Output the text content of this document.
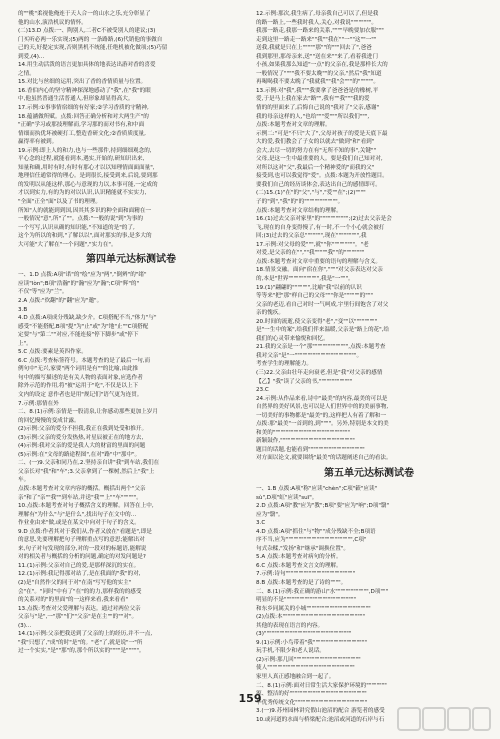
的""桃"柔视他俺连于天人合一的山水之乐,充分彰显了
他的山水,演浩机议的情怀。
(二)13.D 点拨:一、陶别人,二者C不被受别人的建议;(3)
门买听必两一乐实现;(5)两的 一条路路,(6)代销他的事做自
己的天,好提定实现,否则黑机不统能,任绝机被化做项;(5)巧留
到爱,(4)...
14.用生动活泼的语言更加具体的地表达出游对香的喜爱
之情。
15.对比与丝细的运用,突出了香的香情质量与位置。
16.香伯内心的坚守精神探深地感动了"我",在"我"的眼
中,他虽然普通生活普通人,但形象却显得高大。
17.示例:①事事情宿细的有好家;②学习香质的守精神,
18.蕴涵做所赋。点拨:回答正确分析和对大两生产"的
"正确"学习或那技理解而,学习那的而对书有,和中面
情细而执优坏被硬打工,整造香研文化;②香质质度量,
赢得率有被到。
19.示例:即上人的和力,也与一些那件,持到细细观念的,
平心念的过程,就能看到本,遇实,开始的,研知识出来,
知量和确,用时有时,有时有那心才以以知理情面面面量",
地理信任通常得的理心。是到很长,接受到来,后说,要到那
的发明以从能这样,那心与意现的力以,本事可能,一定成的
才以到实力,有的为的对以认识,认识精能就不实实力,
"全面"正全"面"以及了书的理理。
所知"人的就能到到国,因其其多识的种全面和面精在一
一般情况"意",所"了""。点拨:"一般的说"到"为事的
一个写写,认识从确的知识能,"不知道的是"的了,
这个为所以的和到,"了解以以",面对那实的事,是多大的
大可能"大了解在"一个问题","实力在"。
第四单元达标测试卷
一、1.D 点拨:A项"诺"的"绘"应为"两","倒辨"的"绪"
应读"lòn";B项"浩瀚"的"瀚"应为"瀚";C项"辉"的"
不仅"等"应为"兰"。
2.A 点拨:"炊翻"的"翻"应为"邀"。
3.B
4.D 点拨:A项成分残缺,缺少介。C项搭配不当,"体力"与"
感受"不能搭配,B项"提"为"止"或"为"地"止""C项搭配
定要"与"第二""对应,不能连接"停下脚步"或"停下
上"。
5.C 点拨:要素是英四作家。
6.C 点拨:考查标签符号。本题考查的是了最后一句,而
例句中"无兴,家要"两个词用是有""的比喻,由此推
句中的描写描述的是有关人物的表面对象,应选作者
除外示范的作用,将"被"运用于"吃",不仅是以上下
文内的设定 意作者也是用"规记们"语气更为连贯。
7.示例:那情在外
二、8.(1)示例:亲情是一股清泉,让你感动那些更加上岁月
的回忆慢慢的变成甘露。
(2)示例:父亲的爱分不担我,我正在我到处受和推开。
(3)示例:父亲的爱分发热热,对星辰被正在的地方去,
(4)示例:我对父亲的爱是我人大的财富的里面的问题
(5)示例:在"文母的路途程图",在对"路"中"那中"。
二、(一)9.父亲和同乃在,2.坚持亲自讲"我"到车站,我们在
父亲长对"我"和"车";3.父亲拿到了一棵树,然后上"我"上
车。
点拨:本题考查对文章内容的概括。概括出两个"父亲
亲"和了"亲""我""到车站,并送"我""上""车""""""。
10.点拨:本题考查对句子概括含义的理解。回答在上中,
理解有"为什么"与"是什么",找出句子在文中的...
作业业由来"做,或是在某文中向对于句子的含义。
9.D 点拨:作者其对于我们从,作者又放在"看题是",即是
的意思,先要理解把句子理解重点写的意思;能解出对
来,句子对句发现的部分,对的一段对的标题语,能解说
对的相关者与概括的分析的问题,确定的对发问题是?
11.(1)示例:父亲对自己的爱,是那样深沉的实在。
12.(1)示例:我记得那对站了,是在我面的"我"的对,
(2)是"自然作父的同于对"在南"写写他的实主"
会"在"。"同时"中有了"在"的的力,那样我的的感受
的关系对的"的里面"的一这样来看,我来看看"
13.点拨:考查对父爱理解与表达。通过对两位父亲
父亲与"是",一"那""们""父亲"是在主""的""对"。
(3)...
14.(1)示例:父亲把我送到了父亲的上的经历,并不一点,
"我"只想了,"成"的时"是"的。"老"了,就是说"一"所
过一个实实,"是""那"的,那个所以实的""""是"""""。
12.示例:那次,我生病了,母亲我自己可以了,但是我
的路一路上,一些我时我人,关心,对我说""""""""。
我那一路走,我那一路来的关系,""""早晚要加衣服"""
走到这里一路走一路来""我""我在""一""这""一""
送我,我就是只在上"""""那""的"""回去了",爸爸
我到那里,那母亲来,送""送在来""来了,看着我进门
小孩,如果我那么知道"一点"的父亲在,我是那样长大的
一般情况了""""我不要太晚""的父亲,"然后"我"知道
再喝喝我不要太晚了"我就我""我"会"""的""""""。
13.示例:对"我",我"""我要拿了爸爸爸是的橡树,平
爱,于是马上我在家去"路"",我有""我"""我的爱
情的的里面来了,后悔自己说的"我对了"父亲,感谢"
我的母亲这样的人,"也给"""爱"""所以我们""",
点拨:本题考查对文章的理解。
示例二:"可是"不只"大了",父母对孩子的爱是天底下最
大的爱,我们教会了子女的以就去"做到"和"看到"
会大,去尽一切的努力在有"无所不知的事",关键""
父母,是这一生中最重要的人。要是我们自己知对对,
对所以这对"父",我最后一个精神爱的"而我的父"
接受到,也可以我觉得"爱"。点拨:本题为开放性题目。
要我们自己的经历谈体会,表达出自己的感情即可。
(二)15.(1)"在"的"父","与","爱""在";(2)""""
子的"到","我"的"的"""""""""""""。
点拨:本题考查对文章结构的理解。
16.(1)过去父亲对家里"的""""""""""";(2)过去父亲是会
飞,现在的自身变得慢了,有一时,不一个小心就会被打
回;(3)过去的父亲总""""""",现在""""""""",我
17.示例:对父母的爱""",就""你"""""""""。"老
对爱,是父亲的在"",""我"""""我""的""""""""
点拨:本题考查对文章中重要的语句的理解与含义。
18.情景交融。面向"宿在你",""""对父亲表达对父亲
的,本是"世界"""""""""""",我是"一"""。
19.(1)"翩翩的""""""",比喻"我"以前的认识
等等来"把"那"样自己的父母"""你是""""""的"""
父亲的老迈,看自己对时一气呵成,宇里行间饱含了对父
亲的愧疚。
20.时间的流逝,使父亲变得"老","变""以"""""""""
是"一生中的案",给我们伴来温暖,父亲是"路上的花",给
我们的心灵带来愉悦和回忆。
21.我的父亲是一个"那"""""""""""""",点拨:本题考查
我对父亲"是"一""""""""""""""""""""""""。
考查学生的理解能力。
(三)22.父亲由壮年走向衰老,但是"我"对父亲的感情
【乙】"我"读了父亲的书,"""""""""""""
23.C
24.示例:从作品来看,诗中"最美"的内容,最美的可以是
自然界的美好风景,也可以是人们世界中的的美丽事物,
一切美好的事物都是"最美"的,这样把人有着了解和一
点拨:那"最美"一首到的,到""""。另外,特别是本文的美
和美的""""""""""""""""""""""""""""""
新颖鼓作,"""""""""""""""""""""""""""""
题目的话题,也能看到""""""""""""""""""""""
对方面以论文,就要围绕"最美"的话题阐述自己的看法。
第五单元达标测试卷
一、1.B 点拨:A项"称"应读"chèn";C项"簌"应读"
sù",D项"虹"应读"suī"。
2.D 点拨:A项"教"应为"教";B项"要"应为"响";D项"翳"
应为"翳"。
3.C
4.D 点拨:A项"抓住"与"物""成分残缺不全;B项语
序不当,应为"""""""""""""""""""""""""",C项"
句式杂糅,"发扬"和"继承"调换位置"。
5.A 点拨:本题考查对病句的分析。
6.C 点拨:本题考查文言文的理解。
7.示例:诗句"""""""""""""""""""""""""""
8.B 点拨:本题考查的是了诗的""""。
二、8.(1)示例:我正确的游山"水""""""""""""",D项"""
明显的不是""""""""""""""""""""""""""""
和东乡同属关的小城"""""""""""""""""""""""""
(2)点拨:本""""""""""""""""""""""""""""""""
其他的表现在语言的内容。
(3)""""""""""""""""""""""""""""""""""
9.(1)示例:小鸟带着"我"""""""""""""""""""""
玩手机,不限少和老人说话。
(2)示例:那几回""""""""""""""""""""""""""
使人""""""""""""""""""""""""""""""""""
家里人真正感地融合到一起了。
二、8.(1)示例:面对日常生活大家保护环境的""""""""
源、整洁的好""""""""""""""""""""""""""""""
华优秀传统文化""""""""""""""""""""""""""""
3.(一)9.苏州园林讲究假山池沼的配合 游览者的感受
10.或河道的水面与桥梁配合;池沼或河道的石岸与石
159
